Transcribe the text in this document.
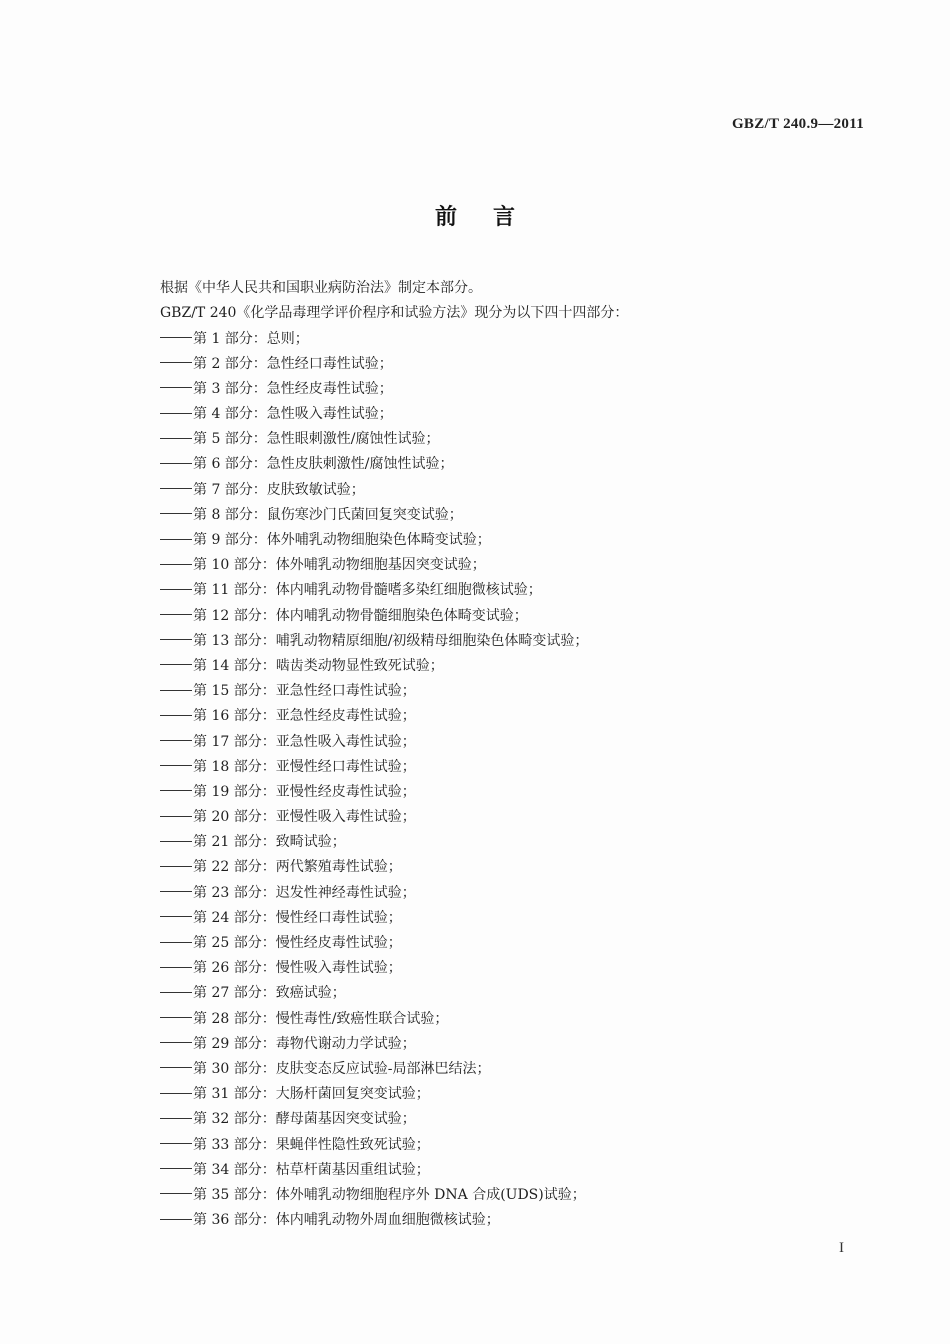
GBZ/T 240.9—2011
前言
根据《中华人民共和国职业病防治法》制定本部分。
GBZ/T 240《化学品毒理学评价程序和试验方法》现分为以下四十四部分：
第 1 部分：总则；
第 2 部分：急性经口毒性试验；
第 3 部分：急性经皮毒性试验；
第 4 部分：急性吸入毒性试验；
第 5 部分：急性眼刺激性/腐蚀性试验；
第 6 部分：急性皮肤刺激性/腐蚀性试验；
第 7 部分：皮肤致敏试验；
第 8 部分：鼠伤寒沙门氏菌回复突变试验；
第 9 部分：体外哺乳动物细胞染色体畸变试验；
第 10 部分：体外哺乳动物细胞基因突变试验；
第 11 部分：体内哺乳动物骨髓嗜多染红细胞微核试验；
第 12 部分：体内哺乳动物骨髓细胞染色体畸变试验；
第 13 部分：哺乳动物精原细胞/初级精母细胞染色体畸变试验；
第 14 部分：啮齿类动物显性致死试验；
第 15 部分：亚急性经口毒性试验；
第 16 部分：亚急性经皮毒性试验；
第 17 部分：亚急性吸入毒性试验；
第 18 部分：亚慢性经口毒性试验；
第 19 部分：亚慢性经皮毒性试验；
第 20 部分：亚慢性吸入毒性试验；
第 21 部分：致畸试验；
第 22 部分：两代繁殖毒性试验；
第 23 部分：迟发性神经毒性试验；
第 24 部分：慢性经口毒性试验；
第 25 部分：慢性经皮毒性试验；
第 26 部分：慢性吸入毒性试验；
第 27 部分：致癌试验；
第 28 部分：慢性毒性/致癌性联合试验；
第 29 部分：毒物代谢动力学试验；
第 30 部分：皮肤变态反应试验-局部淋巴结法；
第 31 部分：大肠杆菌回复突变试验；
第 32 部分：酵母菌基因突变试验；
第 33 部分：果蝇伴性隐性致死试验；
第 34 部分：枯草杆菌基因重组试验；
第 35 部分：体外哺乳动物细胞程序外 DNA 合成(UDS)试验；
第 36 部分：体内哺乳动物外周血细胞微核试验；
I
